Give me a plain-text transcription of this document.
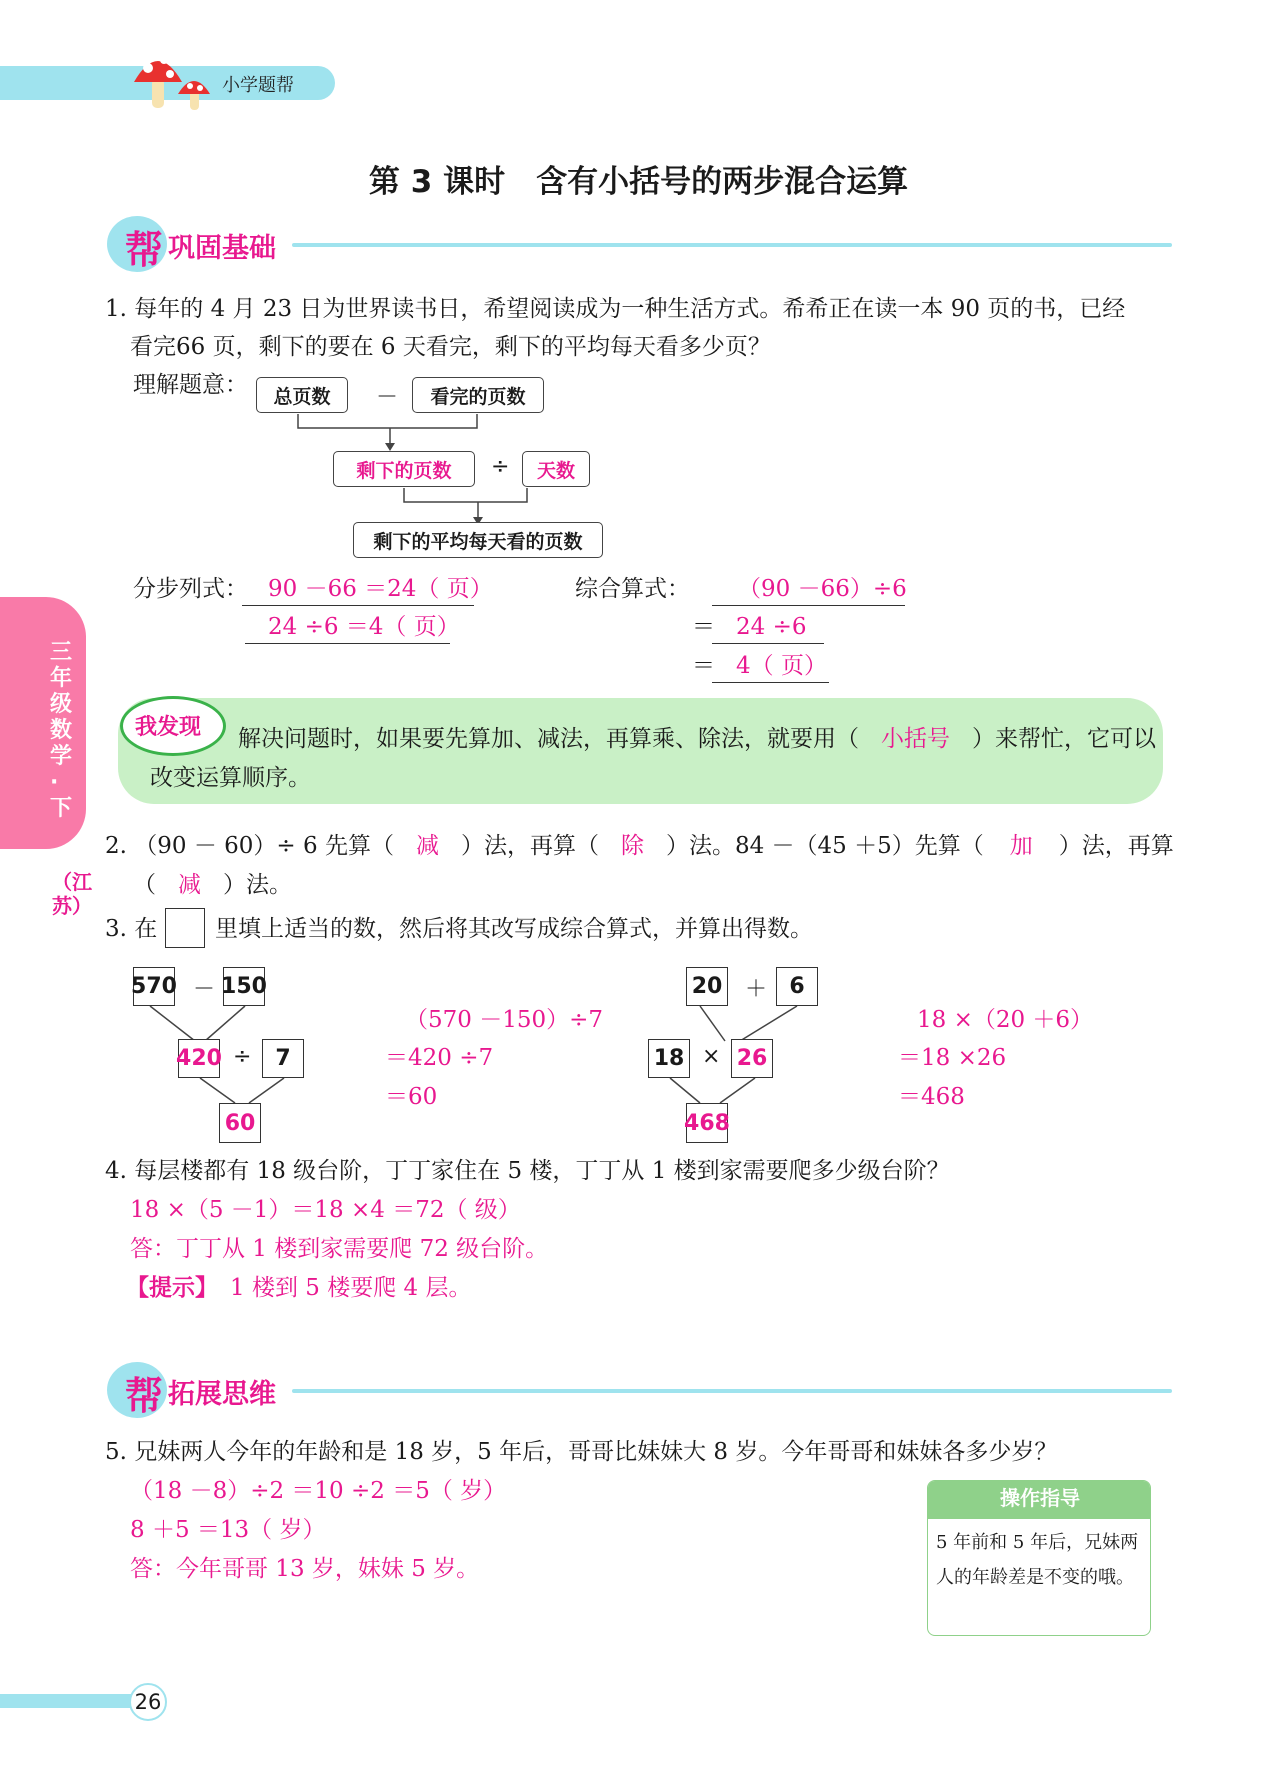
小学题帮
第 3 课时　含有小括号的两步混合运算
帮 巩固基础
三年级数学·下
（江苏）
1. 每年的 4 月 23 日为世界读书日，希望阅读成为一种生活方式。希希正在读一本 90 页的书，已经
看完66 页，剩下的要在 6 天看完，剩下的平均每天看多少页？
理解题意：	总页数	－	看完的页数
剩下的页数	÷	天数
剩下的平均每天看的页数
分步列式： 90 －66 ＝24（ 页）
24 ÷6 ＝4（ 页）
综合算式： （90 －66）÷6
＝ 24 ÷6
＝ 4（ 页）
我发现 解决问题时，如果要先算加、减法，再算乘、除法，就要用（ 小括号 ）来帮忙，它可以
改变运算顺序。
2. （90 － 60）÷ 6 先算（ 减 ）法，再算（ 除 ）法。84 －（45 ＋5）先算（ 加 ）法，再算
（ 减 ）法。
3. 在	里填上适当的数，然后将其改写成综合算式，并算出得数。
570 － 150
420 ÷	7
60
（570 －150）÷7
＝420 ÷7
＝60
20 ＋	6
18 × 26
468
18 ×（20 ＋6）
＝18 ×26
＝468
4. 每层楼都有 18 级台阶，丁丁家住在 5 楼，丁丁从 1 楼到家需要爬多少级台阶？
18 ×（5 －1）＝18 ×4 ＝72（ 级）
答：丁丁从 1 楼到家需要爬 72 级台阶。
【提示】 1 楼到 5 楼要爬 4 层。
帮 拓展思维
5. 兄妹两人今年的年龄和是 18 岁，5 年后，哥哥比妹妹大 8 岁。今年哥哥和妹妹各多少岁？
（18 －8）÷2 ＝10 ÷2 ＝5（ 岁）
8 ＋5 ＝13（ 岁）
答：今年哥哥 13 岁，妹妹 5 岁。
操作指导
5 年前和 5 年后，兄妹两人的年龄差是不变的哦。
26
